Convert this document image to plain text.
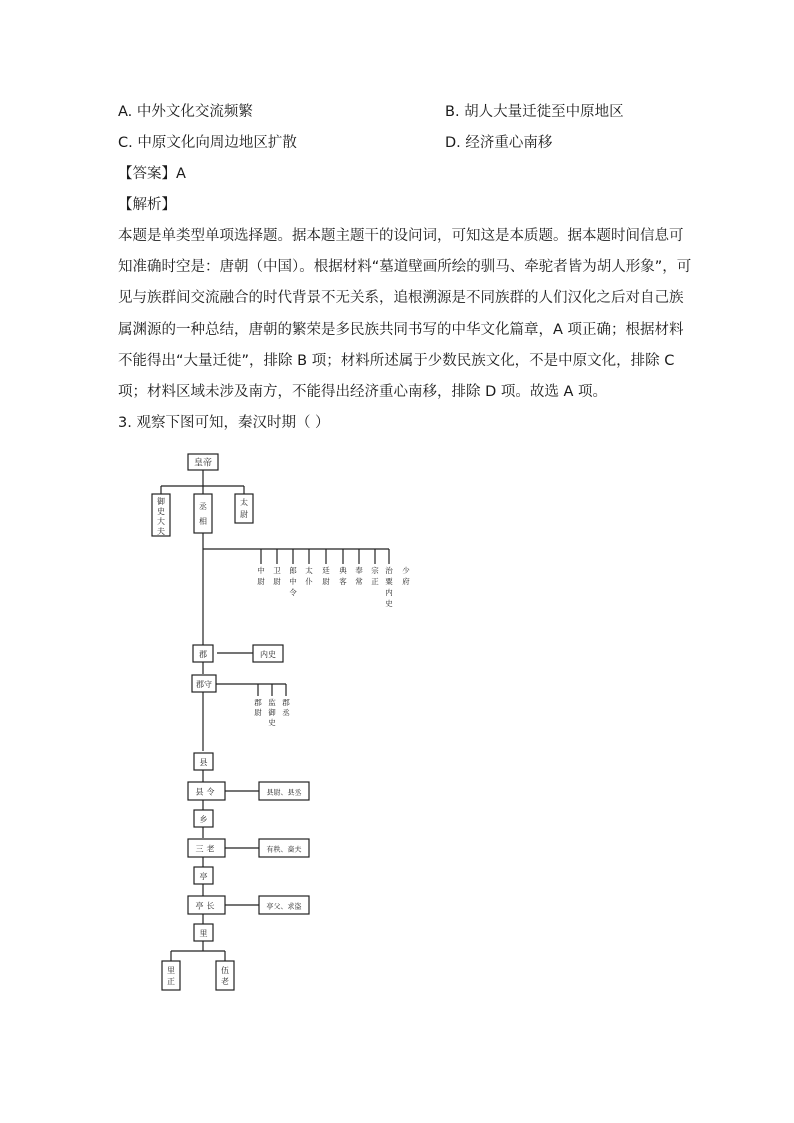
A. 中外文化交流频繁	B. 胡人大量迁徙至中原地区
C. 中原文化向周边地区扩散	D. 经济重心南移
【答案】A
【解析】
本题是单类型单项选择题。据本题主题干的设问词，可知这是本质题。据本题时间信息可
知准确时空是：唐朝（中国）。根据材料“墓道壁画所绘的驯马、牵驼者皆为胡人形象”，可
见与族群间交流融合的时代背景不无关系，追根溯源是不同族群的人们汉化之后对自己族
属渊源的一种总结，唐朝的繁荣是多民族共同书写的中华文化篇章，A 项正确；根据材料
不能得出“大量迁徙”，排除 B 项；材料所述属于少数民族文化，不是中原文化，排除 C
项；材料区域未涉及南方，不能得出经济重心南移，排除 D 项。故选 A 项。
3. 观察下图可知，秦汉时期（ ）
皇帝
御史大夫
丞相
太尉
中尉
卫尉
郎中令
太仆
廷尉
典客
奉常
宗正
治粟内史
少府
郡	内史
郡守
郡尉
监御史
郡丞
县
县令	县尉、县丞
乡
三老	有秩、啬夫
亭
亭长	亭父、求盗
里
里正
伍老
